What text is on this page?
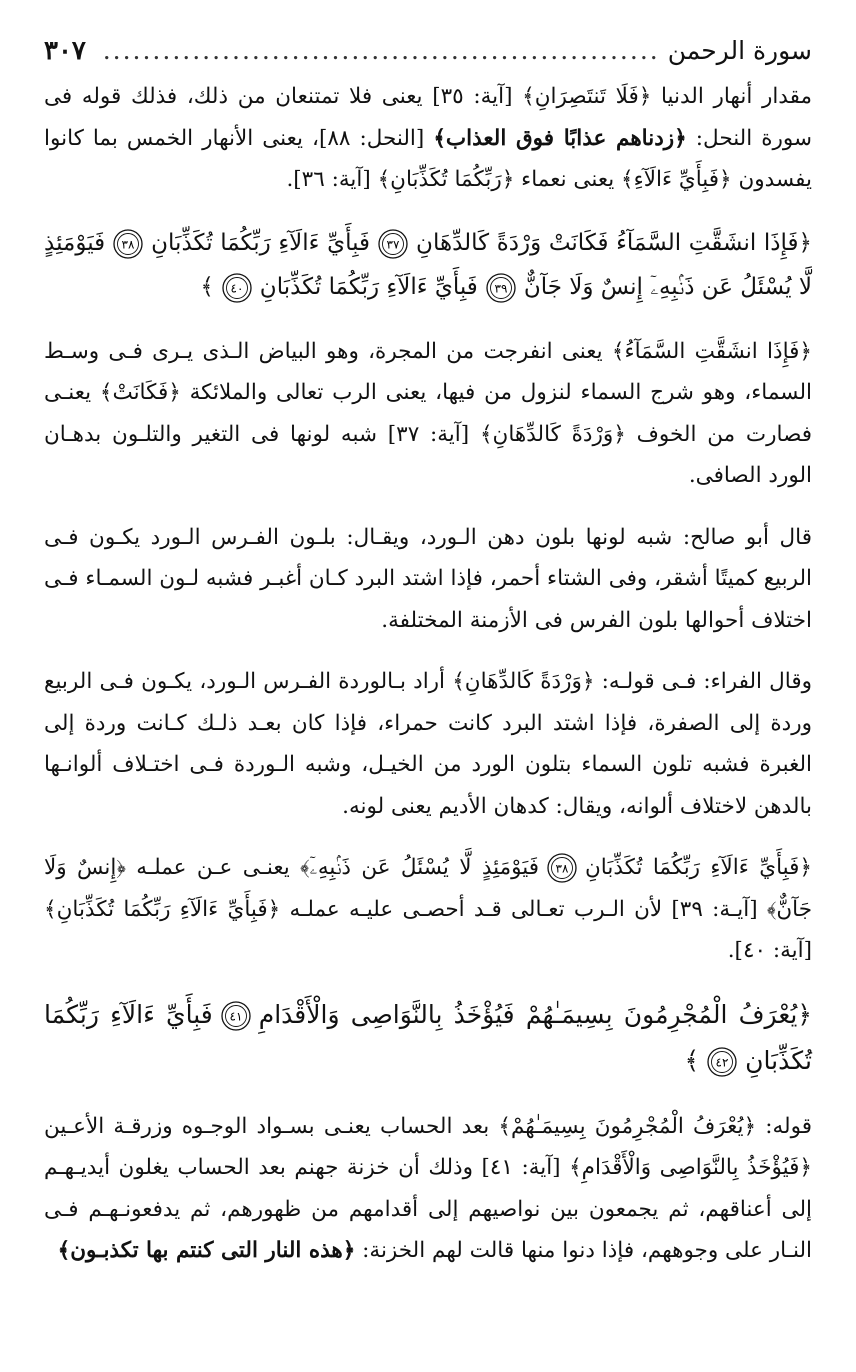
سورة الرحمن
........................................................
٣٠٧

مقدار أنهار الدنيا ﴿فَلَا تَنتَصِرَانِ﴾ [آية: ٣٥] يعنى فلا تمتنعان من ذلك، فذلك قوله فى سورة النحل: ﴿زدناهم عذابًا فوق العذاب﴾ [النحل: ٨٨]، يعنى الأنهار الخمس بما كانوا يفسدون ﴿فَبِأَيِّ ءَالَآءِ﴾ يعنى نعماء ﴿رَبِّكُمَا تُكَذِّبَانِ﴾ [آية: ٣٦].

﴿فَإِذَا انشَقَّتِ السَّمَآءُ فَكَانَتْ وَرْدَةً كَالدِّهَانِ
٣٧
فَبِأَيِّ ءَالَآءِ رَبِّكُمَا تُكَذِّبَانِ
٣٨
فَيَوْمَئِذٍ لَّا يُسْئَلُ عَن ذَنۢبِهِۦٓ إِنسٌ وَلَا جَآنٌّ
٣٩
فَبِأَيِّ ءَالَآءِ رَبِّكُمَا تُكَذِّبَانِ
٤٠
﴾

﴿فَإِذَا انشَقَّتِ السَّمَآءُ﴾ يعنى انفرجت من المجرة، وهو البياض الـذى يـرى فـى وسـط السماء، وهو شرج السماء لنزول من فيها، يعنى الرب تعالى والملائكة ﴿فَكَانَتْ﴾ يعنـى فصارت من الخوف ﴿وَرْدَةً كَالدِّهَانِ﴾ [آية: ٣٧] شبه لونها فى التغير والتلـون بدهـان الورد الصافى.

قال أبو صالح: شبه لونها بلون دهن الـورد، ويقـال: بلـون الفـرس الـورد يكـون فـى الربيع كميتًا أشقر، وفى الشتاء أحمر، فإذا اشتد البرد كـان أغبـر فشبه لـون السمـاء فـى اختلاف أحوالها بلون الفرس فى الأزمنة المختلفة.

وقال الفراء: فـى قولـه: ﴿وَرْدَةً كَالدِّهَانِ﴾ أراد بـالوردة الفـرس الـورد، يكـون فـى الربيع وردة إلى الصفرة، فإذا اشتد البرد كانت حمراء، فإذا كان بعـد ذلـك كـانت وردة إلى الغبرة فشبه تلون السماء بتلون الورد من الخيـل، وشبه الـوردة فـى اختـلاف ألوانـها بالدهن لاختلاف ألوانه، ويقال: كدهان الأديم يعنى لونه.

﴿فَبِأَيِّ ءَالَآءِ رَبِّكُمَا تُكَذِّبَانِ
٣٨
فَيَوْمَئِذٍ لَّا يُسْئَلُ عَن ذَنۢبِهِۦٓ﴾ يعنـى عـن عملـه ﴿إِنسٌ وَلَا جَآنٌّ﴾ [آيـة: ٣٩] لأن الـرب تعـالى قـد أحصـى عليـه عملـه ﴿فَبِأَيِّ ءَالَآءِ رَبِّكُمَا تُكَذِّبَانِ﴾ [آية: ٤٠].

﴿يُعْرَفُ الْمُجْرِمُونَ بِسِيمَـٰهُمْ فَيُؤْخَذُ بِالنَّوَاصِى وَالْأَقْدَامِ
٤١
فَبِأَيِّ ءَالَآءِ رَبِّكُمَا تُكَذِّبَانِ
٤٢
﴾

قوله: ﴿يُعْرَفُ الْمُجْرِمُونَ بِسِيمَـٰهُمْ﴾ بعد الحساب يعنـى بسـواد الوجـوه وزرقـة الأعـين ﴿فَيُؤْخَذُ بِالنَّوَاصِى وَالْأَقْدَامِ﴾ [آية: ٤١] وذلك أن خزنة جهنم بعد الحساب يغلون أيديـهـم إلى أعناقهم، ثم يجمعون بين نواصيهم إلى أقدامهم من ظهورهم، ثم يدفعونـهـم فـى النـار على وجوههم، فإذا دنوا منها قالت لهم الخزنة: ﴿هذه النار التى كنتم بها تكذبـون﴾
